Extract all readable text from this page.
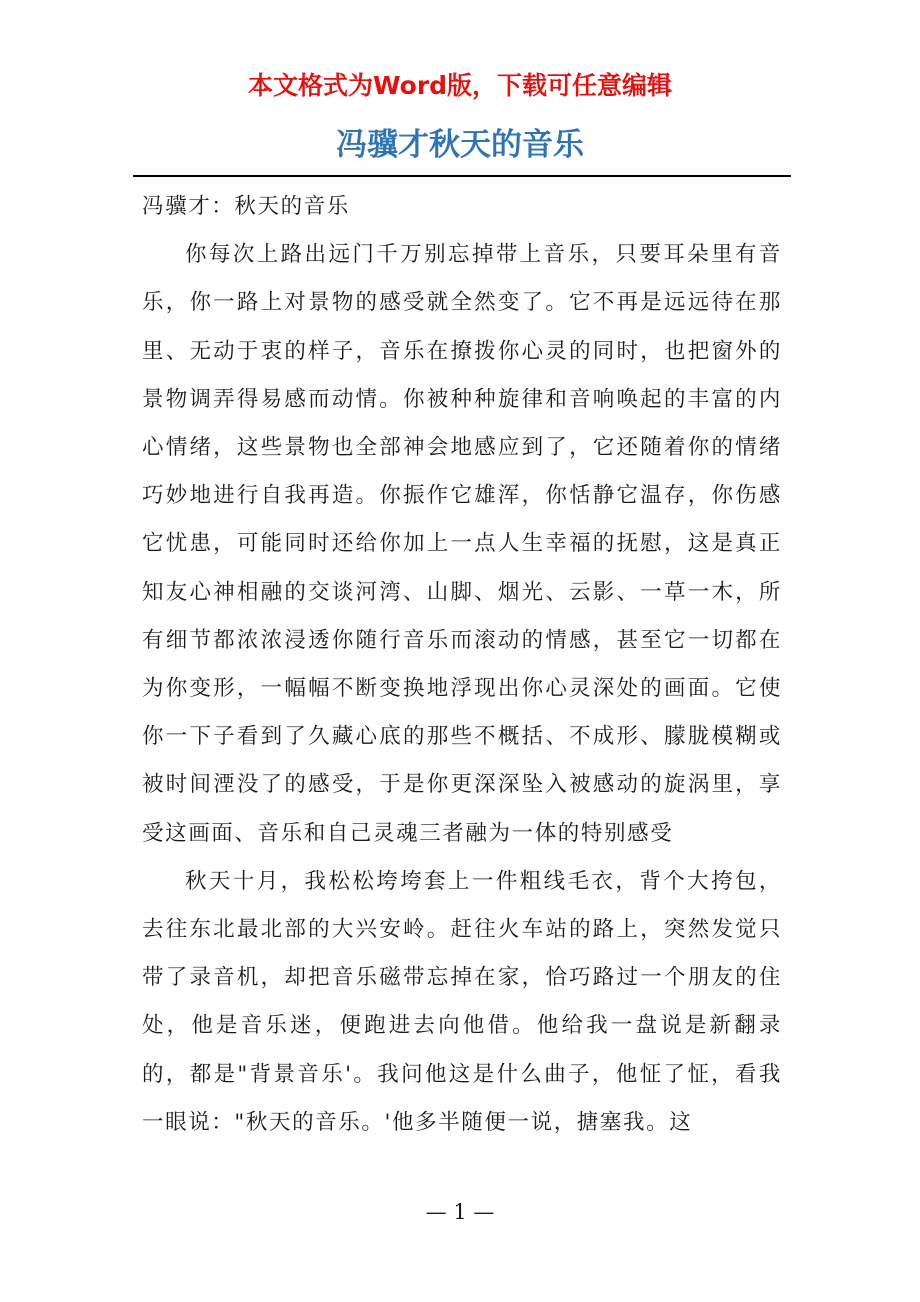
本文格式为Word版，下载可任意编辑
冯骥才秋天的音乐

冯骥才：秋天的音乐

你每次上路出远门千万别忘掉带上音乐，只要耳朵里有音乐，你一路上对景物的感受就全然变了。它不再是远远待在那里、无动于衷的样子，音乐在撩拨你心灵的同时，也把窗外的景物调弄得易感而动情。你被种种旋律和音响唤起的丰富的内心情绪，这些景物也全部神会地感应到了，它还随着你的情绪巧妙地进行自我再造。你振作它雄浑，你恬静它温存，你伤感它忧患，可能同时还给你加上一点人生幸福的抚慰，这是真正知友心神相融的交谈河湾、山脚、烟光、云影、一草一木，所有细节都浓浓浸透你随行音乐而滚动的情感，甚至它一切都在为你变形，一幅幅不断变换地浮现出你心灵深处的画面。它使你一下子看到了久藏心底的那些不概括、不成形、朦胧模糊或被时间湮没了的感受，于是你更深深坠入被感动的旋涡里，享受这画面、音乐和自己灵魂三者融为一体的特别感受

秋天十月，我松松垮垮套上一件粗线毛衣，背个大挎包，去往东北最北部的大兴安岭。赶往火车站的路上，突然发觉只带了录音机，却把音乐磁带忘掉在家，恰巧路过一个朋友的住处，他是音乐迷，便跑进去向他借。他给我一盘说是新翻录的，都是"背景音乐'。我问他这是什么曲子，他怔了怔，看我一眼说："秋天的音乐。'他多半随便一说，搪塞我。这

— 1 —
